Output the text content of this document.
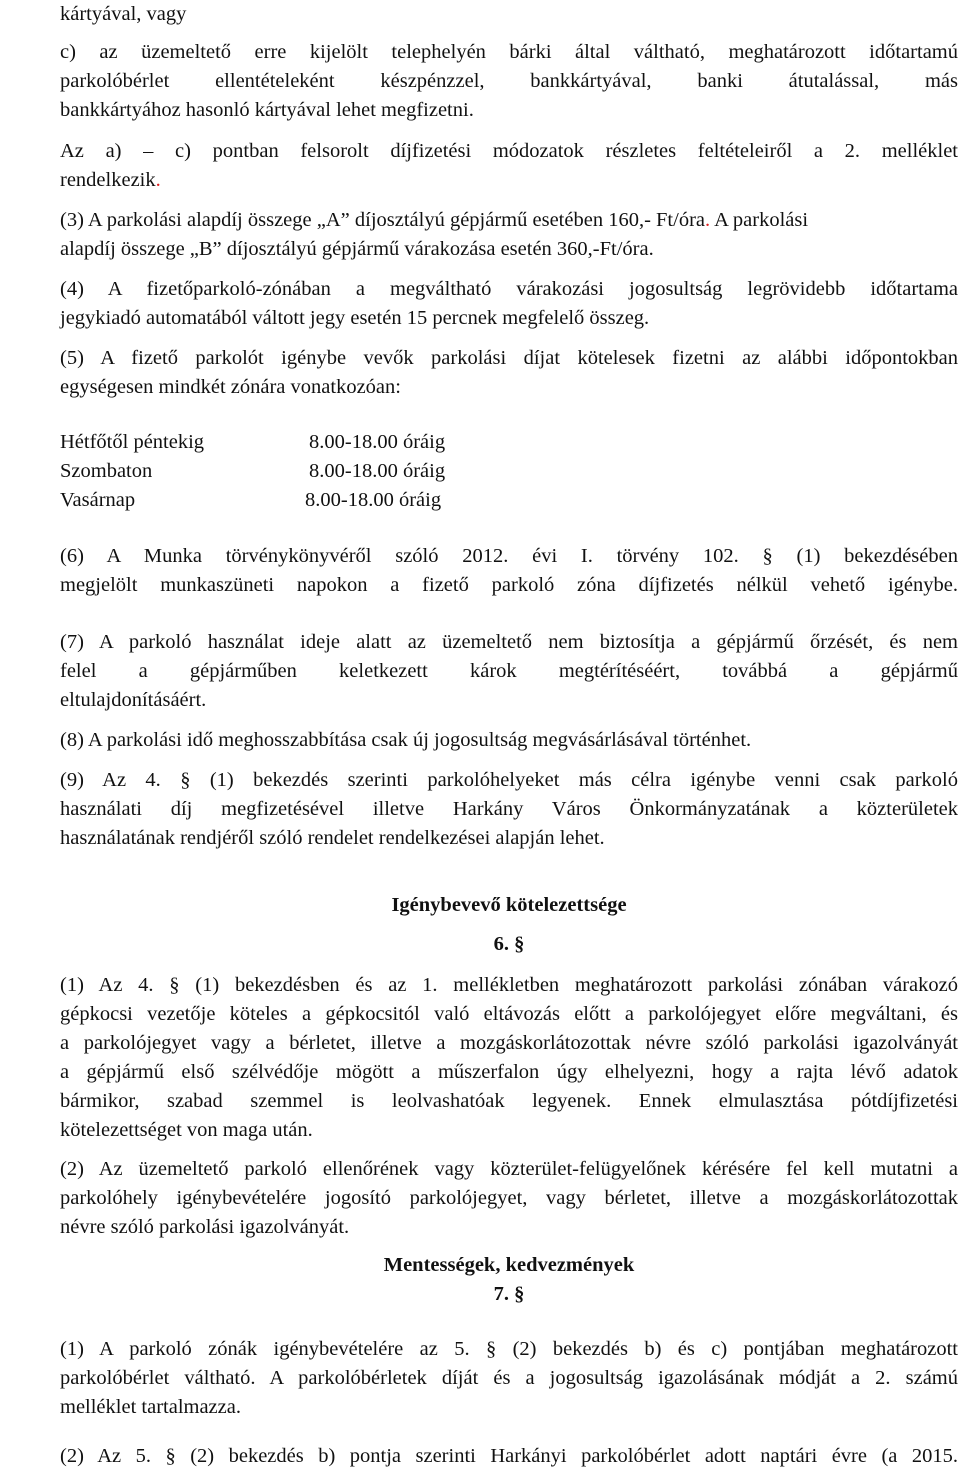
kártyával, vagy
c) az üzemeltető erre kijelölt telephelyén bárki által váltható, meghatározott időtartamú
parkolóbérlet ellentételeként készpénzzel, bankkártyával, banki átutalással, más
bankkártyához hasonló kártyával lehet megfizetni.
Az a) – c) pontban felsorolt díjfizetési módozatok részletes feltételeiről a 2. melléklet
rendelkezik.
(3) A parkolási alapdíj összege „A” díjosztályú gépjármű esetében 160,- Ft/óra. A parkolási
alapdíj összege „B” díjosztályú gépjármű várakozása esetén 360,-Ft/óra.
(4) A fizetőparkoló-zónában a megváltható várakozási jogosultság legrövidebb időtartama
jegykiadó automatából váltott jegy esetén 15 percnek megfelelő összeg.
(5) A fizető parkolót igénybe vevők parkolási díjat kötelesek fizetni az alábbi időpontokban
egységesen mindkét zónára vonatkozóan:
Hétfőtől péntekig	8.00-18.00 óráig
Szombaton	8.00-18.00 óráig
Vasárnap	8.00-18.00 óráig
(6) A Munka törvénykönyvéről szóló 2012. évi I. törvény 102. § (1) bekezdésében
megjelölt munkaszüneti napokon a fizető parkoló zóna díjfizetés nélkül vehető igénybe.
(7) A parkoló használat ideje alatt az üzemeltető nem biztosítja a gépjármű őrzését, és nem
felel a gépjárműben keletkezett károk megtérítéséért, továbbá a gépjármű
eltulajdonításáért.
(8) A parkolási idő meghosszabbítása csak új jogosultság megvásárlásával történhet.
(9) Az 4. § (1) bekezdés szerinti parkolóhelyeket más célra igénybe venni csak parkoló
használati díj megfizetésével illetve Harkány Város Önkormányzatának a közterületek
használatának rendjéről szóló rendelet rendelkezései alapján lehet.
Igénybevevő kötelezettsége
6. §
(1) Az 4. § (1) bekezdésben és az 1. mellékletben meghatározott parkolási zónában várakozó
gépkocsi vezetője köteles a gépkocsitól való eltávozás előtt a parkolójegyet előre megváltani, és
a parkolójegyet vagy a bérletet, illetve a mozgáskorlátozottak névre szóló parkolási igazolványát
a gépjármű első szélvédője mögött a műszerfalon úgy elhelyezni, hogy a rajta lévő adatok
bármikor, szabad szemmel is leolvashatóak legyenek. Ennek elmulasztása pótdíjfizetési
kötelezettséget von maga után.
(2) Az üzemeltető parkoló ellenőrének vagy közterület-felügyelőnek kérésére fel kell mutatni a
parkolóhely igénybevételére jogosító parkolójegyet, vagy bérletet, illetve a mozgáskorlátozottak
névre szóló parkolási igazolványát.
Mentességek, kedvezmények
7. §
(1) A parkoló zónák igénybevételére az 5. § (2) bekezdés b) és c) pontjában meghatározott
parkolóbérlet váltható. A parkolóbérletek díját és a jogosultság igazolásának módját a 2. számú
melléklet tartalmazza.
(2) Az 5. § (2) bekezdés b) pontja szerinti Harkányi parkolóbérlet adott naptári évre (a 2015.
